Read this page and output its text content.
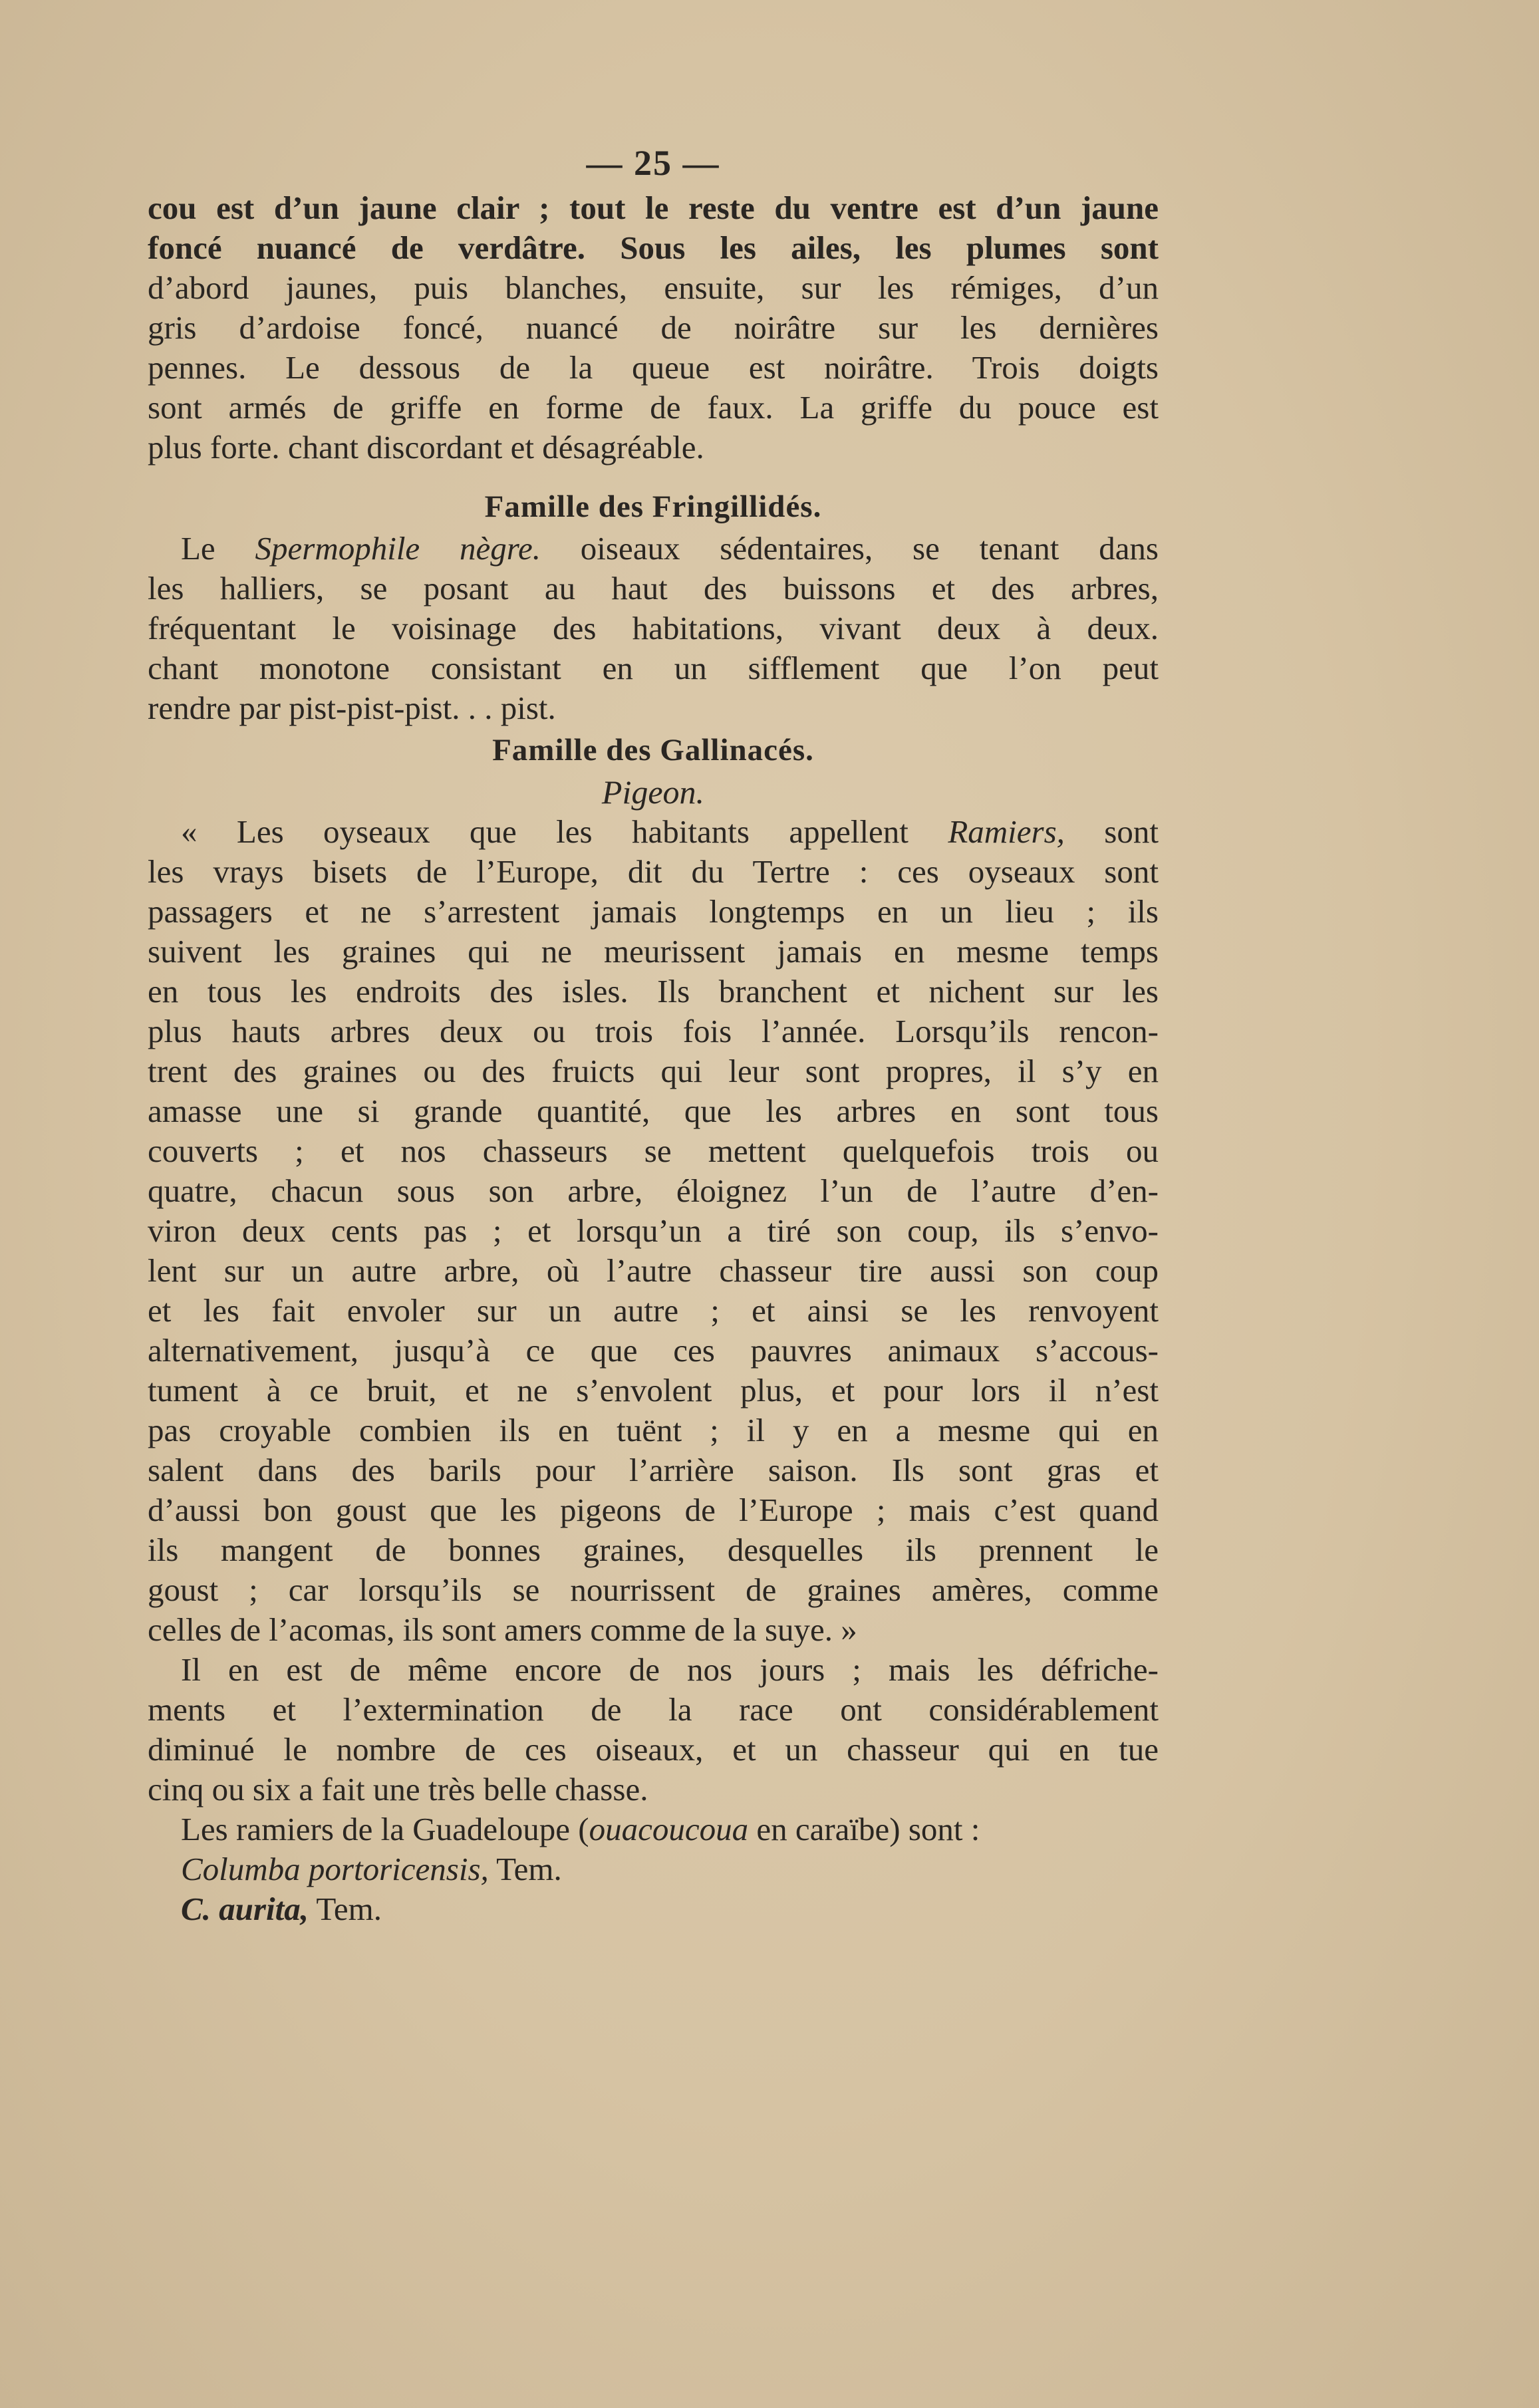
— 25 —
cou est d’un jaune clair ; tout le reste du ventre est d’un jaune
foncé nuancé de verdâtre. Sous les ailes, les plumes sont
d’abord jaunes, puis blanches, ensuite, sur les rémiges, d’un
gris d’ardoise foncé, nuancé de noirâtre sur les dernières
pennes. Le dessous de la queue est noirâtre. Trois doigts
sont armés de griffe en forme de faux. La griffe du pouce est
plus forte. chant discordant et désagréable.
Famille des Fringillidés.
Le Spermophile nègre. oiseaux sédentaires, se tenant dans
les halliers, se posant au haut des buissons et des arbres,
fréquentant le voisinage des habitations, vivant deux à deux.
chant monotone consistant en un sifflement que l’on peut
rendre par pist-pist-pist. . . pist.
Famille des Gallinacés.
Pigeon.
« Les oyseaux que les habitants appellent Ramiers, sont
les vrays bisets de l’Europe, dit du Tertre : ces oyseaux sont
passagers et ne s’arrestent jamais longtemps en un lieu ; ils
suivent les graines qui ne meurissent jamais en mesme temps
en tous les endroits des isles. Ils branchent et nichent sur les
plus hauts arbres deux ou trois fois l’année. Lorsqu’ils rencon-
trent des graines ou des fruicts qui leur sont propres, il s’y en
amasse une si grande quantité, que les arbres en sont tous
couverts ; et nos chasseurs se mettent quelquefois trois ou
quatre, chacun sous son arbre, éloignez l’un de l’autre d’en-
viron deux cents pas ; et lorsqu’un a tiré son coup, ils s’envo-
lent sur un autre arbre, où l’autre chasseur tire aussi son coup
et les fait envoler sur un autre ; et ainsi se les renvoyent
alternativement, jusqu’à ce que ces pauvres animaux s’accous-
tument à ce bruit, et ne s’envolent plus, et pour lors il n’est
pas croyable combien ils en tuënt ; il y en a mesme qui en
salent dans des barils pour l’arrière saison. Ils sont gras et
d’aussi bon goust que les pigeons de l’Europe ; mais c’est quand
ils mangent de bonnes graines, desquelles ils prennent le
goust ; car lorsqu’ils se nourrissent de graines amères, comme
celles de l’acomas, ils sont amers comme de la suye. »
Il en est de même encore de nos jours ; mais les défriche-
ments et l’extermination de la race ont considérablement
diminué le nombre de ces oiseaux, et un chasseur qui en tue
cinq ou six a fait une très belle chasse.
Les ramiers de la Guadeloupe (ouacoucoua en caraïbe) sont :
Columba portoricensis, Tem.
C. aurita, Tem.
